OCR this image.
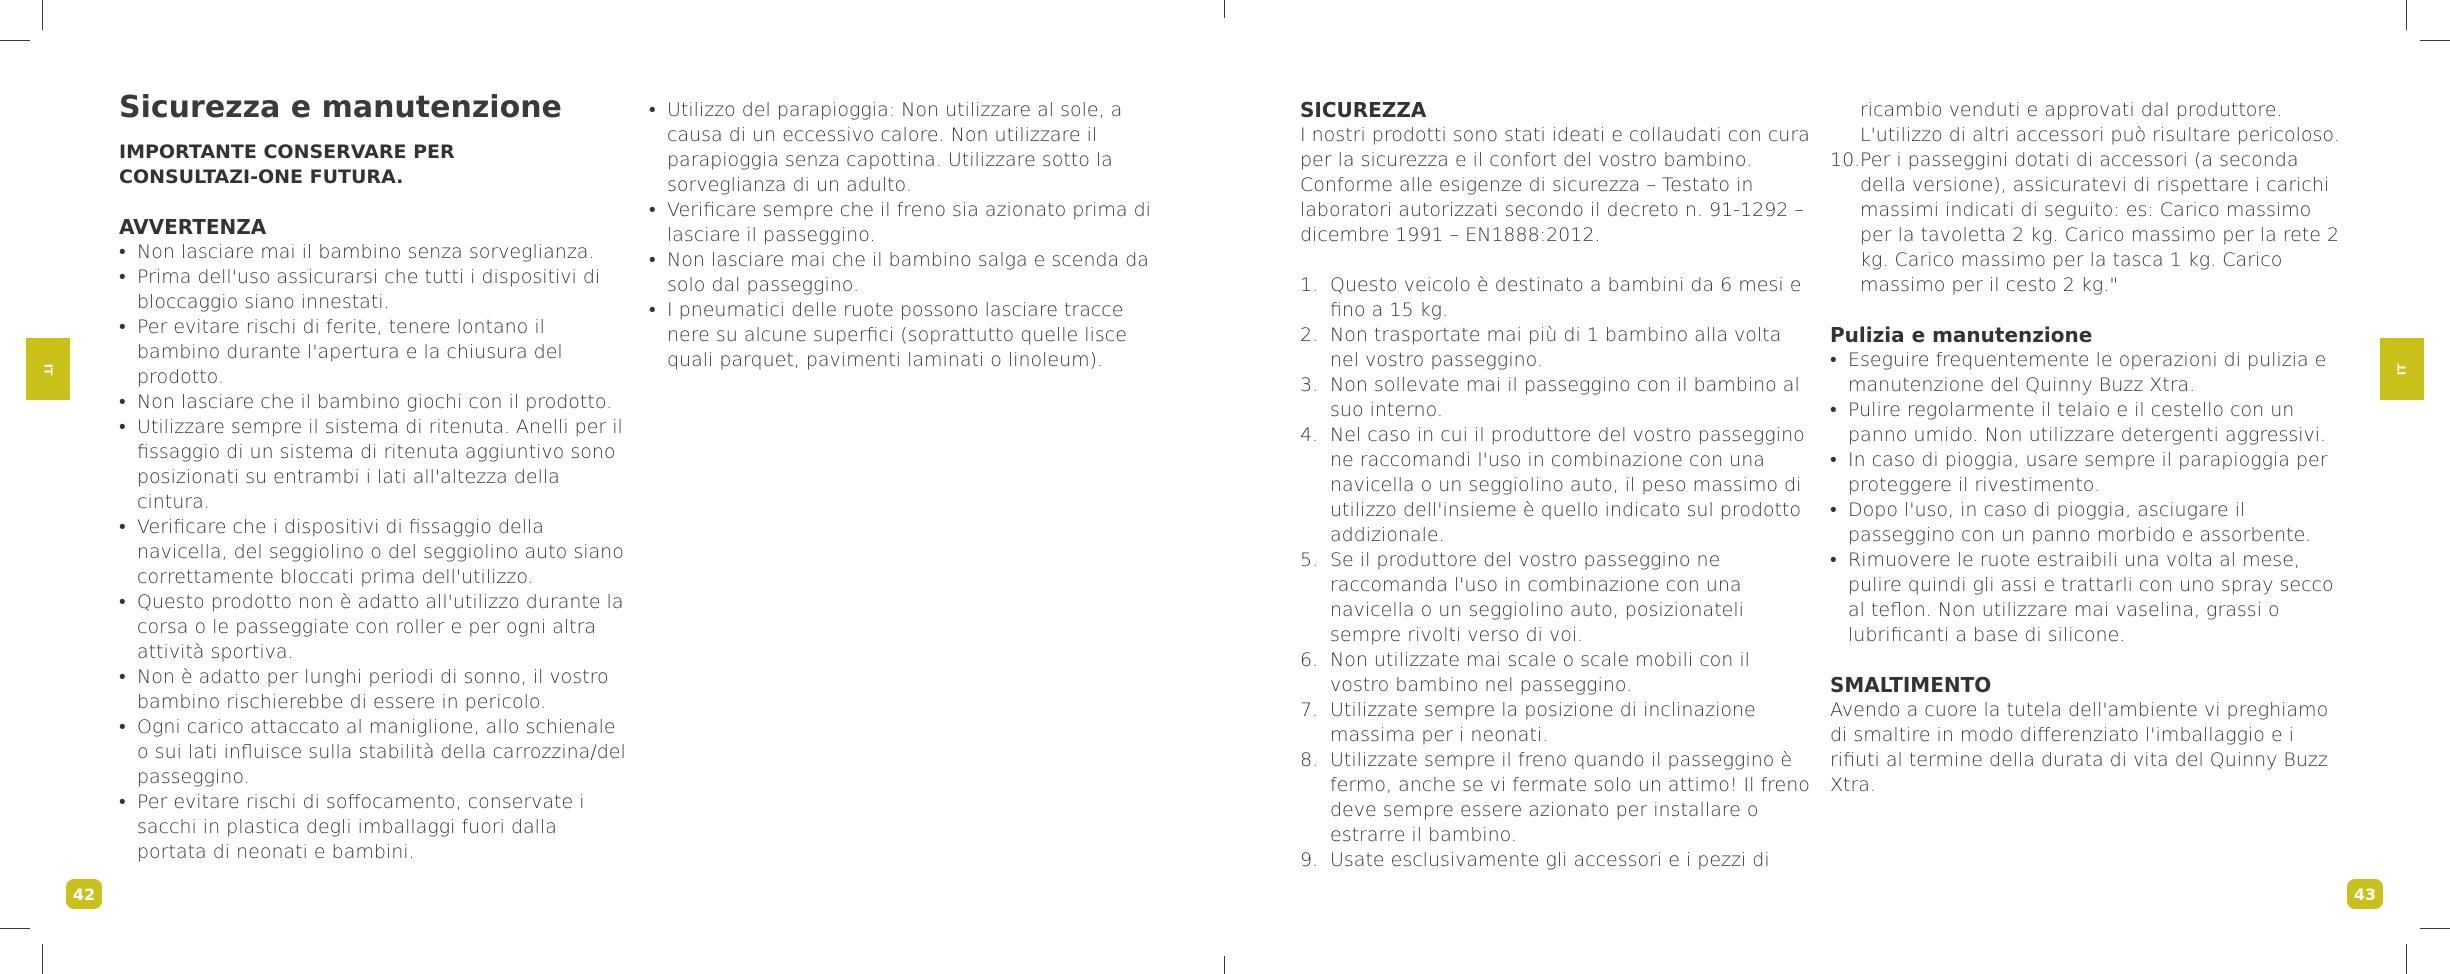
IT	IT
42	43
Sicurezza e manutenzione

IMPORTANTE CONSERVARE PER CONSULTAZI-ONE FUTURA.

AVVERTENZA
• Non lasciare mai il bambino senza sorveglianza.
• Prima dell'uso assicurarsi che tutti i dispositivi di bloccaggio siano innestati.
• Per evitare rischi di ferite, tenere lontano il bambino durante l'apertura e la chiusura del prodotto.
• Non lasciare che il bambino giochi con il prodotto.
• Utilizzare sempre il sistema di ritenuta. Anelli per il fissaggio di un sistema di ritenuta aggiuntivo sono posizionati su entrambi i lati all'altezza della cintura.
• Verificare che i dispositivi di fissaggio della navicella, del seggiolino o del seggiolino auto siano correttamente bloccati prima dell'utilizzo.
• Questo prodotto non è adatto all'utilizzo durante la corsa o le passeggiate con roller e per ogni altra attività sportiva.
• Non è adatto per lunghi periodi di sonno, il vostro bambino rischierebbe di essere in pericolo.
• Ogni carico attaccato al maniglione, allo schienale o sui lati influisce sulla stabilità della carrozzina/del passeggino.
• Per evitare rischi di soffocamento, conservate i sacchi in plastica degli imballaggi fuori dalla portata di neonati e bambini.
• Utilizzo del parapioggia: Non utilizzare al sole, a causa di un eccessivo calore. Non utilizzare il parapioggia senza capottina. Utilizzare sotto la sorveglianza di un adulto.
• Verificare sempre che il freno sia azionato prima di lasciare il passeggino.
• Non lasciare mai che il bambino salga e scenda da solo dal passeggino.
• I pneumatici delle ruote possono lasciare tracce nere su alcune superfici (soprattutto quelle lisce quali parquet, pavimenti laminati o linoleum).
SICUREZZA

I nostri prodotti sono stati ideati e collaudati con cura per la sicurezza e il confort del vostro bambino. Conforme alle esigenze di sicurezza – Testato in laboratori autorizzati secondo il decreto n. 91-1292 – dicembre 1991 – EN1888:2012.

1. Questo veicolo è destinato a bambini da 6 mesi e fino a 15 kg.
2. Non trasportate mai più di 1 bambino alla volta nel vostro passeggino.
3. Non sollevate mai il passeggino con il bambino al suo interno.
4. Nel caso in cui il produttore del vostro passeggino ne raccomandi l'uso in combinazione con una navicella o un seggiolino auto, il peso massimo di utilizzo dell'insieme è quello indicato sul prodotto addizionale.
5. Se il produttore del vostro passeggino ne raccomanda l'uso in combinazione con una navicella o un seggiolino auto, posizionateli sempre rivolti verso di voi.
6. Non utilizzate mai scale o scale mobili con il vostro bambino nel passeggino.
7. Utilizzate sempre la posizione di inclinazione massima per i neonati.
8. Utilizzate sempre il freno quando il passeggino è fermo, anche se vi fermate solo un attimo! Il freno deve sempre essere azionato per installare o estrarre il bambino.
9. Usate esclusivamente gli accessori e i pezzi di

ricambio venduti e approvati dal produttore. L'utilizzo di altri accessori può risultare pericoloso.

10. Per i passeggini dotati di accessori (a seconda della versione), assicuratevi di rispettare i carichi massimi indicati di seguito: es: Carico massimo per la tavoletta 2 kg. Carico massimo per la rete 2 kg. Carico massimo per la tasca 1 kg. Carico massimo per il cesto 2 kg."
Pulizia e manutenzione
• Eseguire frequentemente le operazioni di pulizia e manutenzione del Quinny Buzz Xtra.
• Pulire regolarmente il telaio e il cestello con un panno umido. Non utilizzare detergenti aggressivi.
• In caso di pioggia, usare sempre il parapioggia per proteggere il rivestimento.
• Dopo l'uso, in caso di pioggia, asciugare il passeggino con un panno morbido e assorbente.
• Rimuovere le ruote estraibili una volta al mese, pulire quindi gli assi e trattarli con uno spray secco al teflon. Non utilizzare mai vaselina, grassi o lubrificanti a base di silicone.
SMALTIMENTO

Avendo a cuore la tutela dell'ambiente vi preghiamo di smaltire in modo differenziato l'imballaggio e i rifiuti al termine della durata di vita del Quinny Buzz Xtra.
